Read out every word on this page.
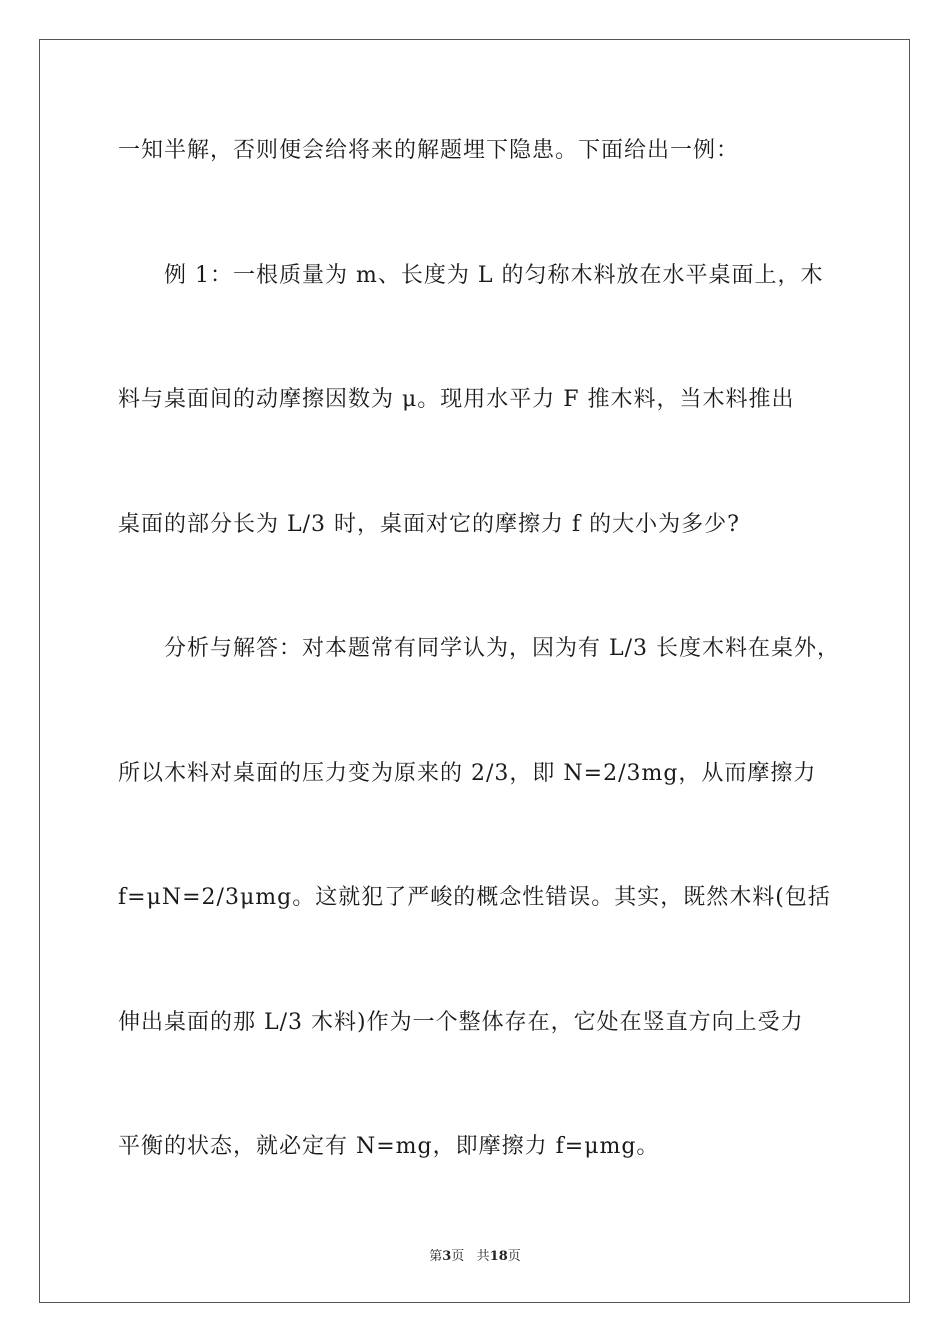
一知半解，否则便会给将来的解题埋下隐患。下面给出一例：
例 1：一根质量为 m、长度为 L 的匀称木料放在水平桌面上，木
料与桌面间的动摩擦因数为 μ。现用水平力 F 推木料，当木料推出
桌面的部分长为 L/3 时，桌面对它的摩擦力 f 的大小为多少?
分析与解答：对本题常有同学认为，因为有 L/3 长度木料在桌外，
所以木料对桌面的压力变为原来的 2/3，即 N=2/3mg，从而摩擦力
f=μN=2/3μmg。这就犯了严峻的概念性错误。其实，既然木料(包括
伸出桌面的那 L/3 木料)作为一个整体存在，它处在竖直方向上受力
平衡的状态，就必定有 N=mg，即摩擦力 f=μmg。
第3页 共18页
